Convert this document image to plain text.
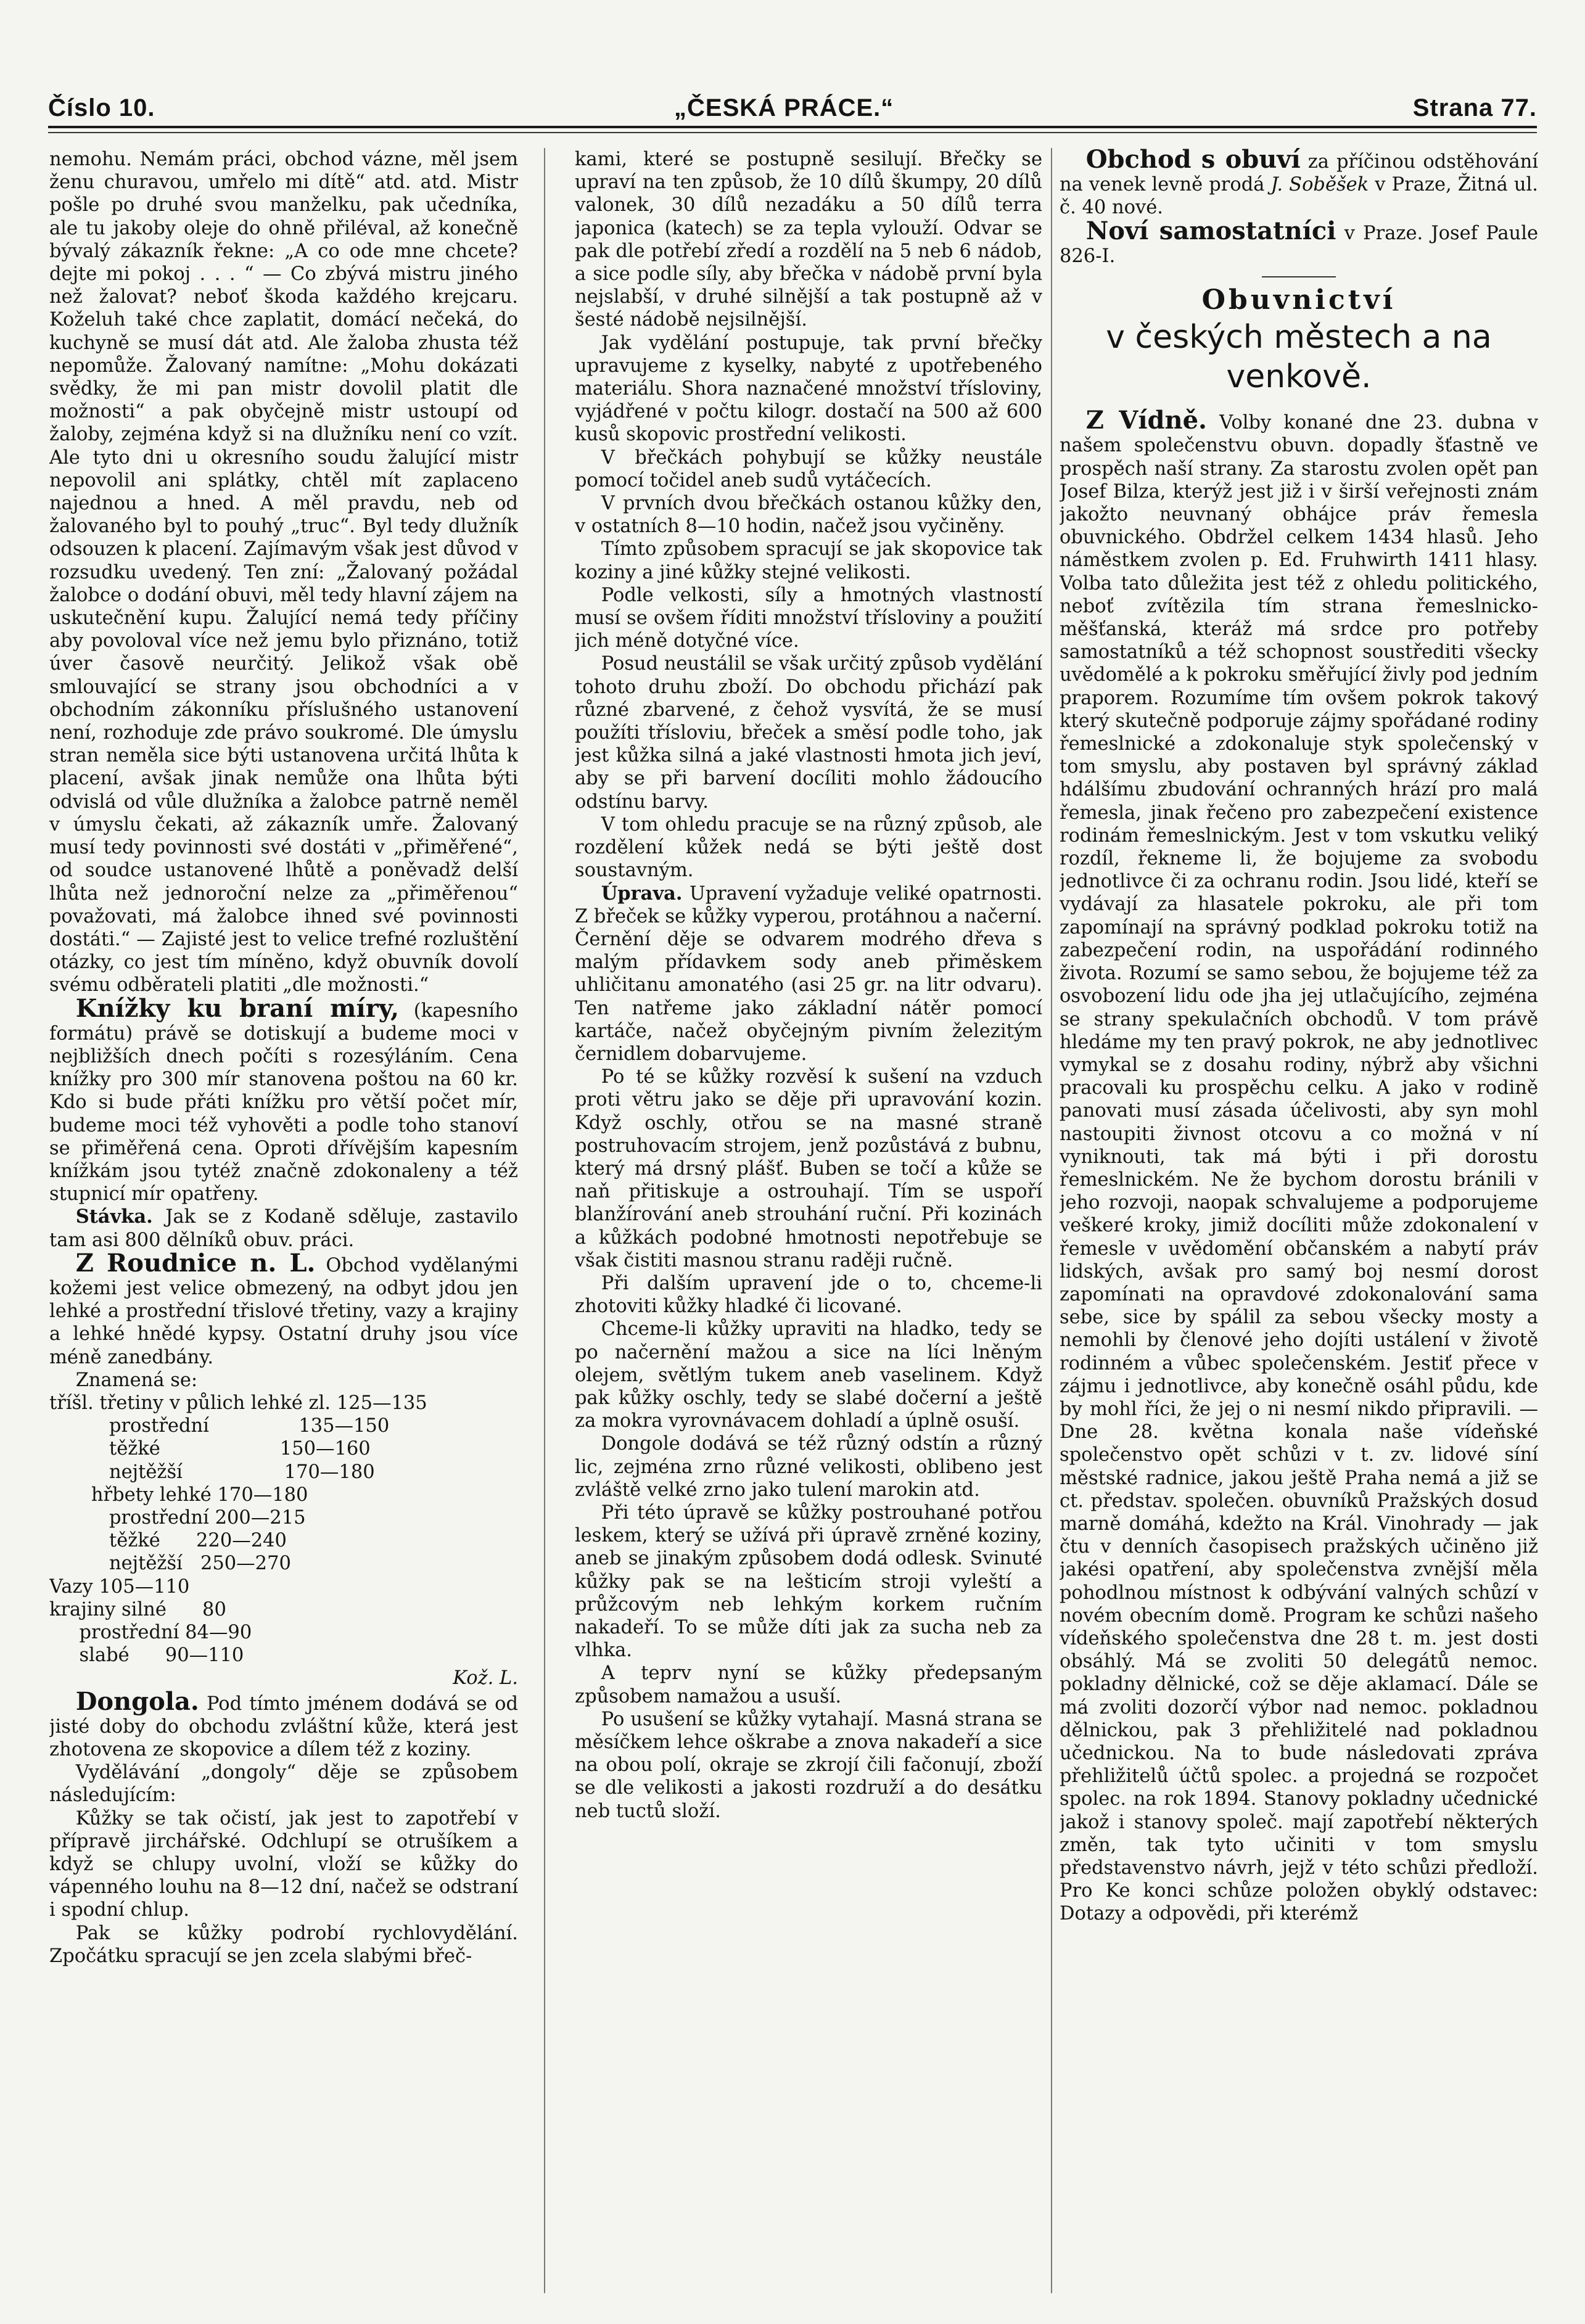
Číslo 10.	„ČESKÁ PRÁCE.“	Strana 77.

nemohu. Nemám práci, obchod vázne, měl jsem ženu churavou, umřelo mi dítě“ atd. atd. Mistr pošle po druhé svou manželku, pak učedníka, ale tu jakoby oleje do ohně přiléval, až konečně bývalý zákazník řekne: „A co ode mne chcete? dejte mi pokoj . . . “ — Co zbývá mistru jiného než žalovat? neboť škoda každého krejcaru. Koželuh také chce zaplatit, domácí nečeká, do kuchyně se musí dát atd. Ale žaloba zhusta též nepomůže. Žalovaný namítne: „Mohu dokázati svědky, že mi pan mistr dovolil platit dle možnosti“ a pak obyčejně mistr ustoupí od žaloby, zejména když si na dlužníku není co vzít. Ale tyto dni u okresního soudu žalující mistr nepovolil ani splátky, chtěl mít zaplaceno najednou a hned. A měl pravdu, neb od žalovaného byl to pouhý „truc“. Byl tedy dlužník odsouzen k placení. Zajímavým však jest důvod v rozsudku uvedený. Ten zní: „Žalovaný požádal žalobce o dodání obuvi, měl tedy hlavní zájem na uskutečnění kupu. Žalující nemá tedy příčiny aby povoloval více než jemu bylo přiznáno, totiž úver časově neurčitý. Jelikož však obě smlouvající se strany jsou obchodníci a v obchodním zákonníku příslušného ustanovení není, rozhoduje zde právo soukromé. Dle úmyslu stran neměla sice býti ustanovena určitá lhůta k placení, avšak jinak nemůže ona lhůta býti odvislá od vůle dlužníka a žalobce patrně neměl v úmyslu čekati, až zákazník umře. Žalovaný musí tedy povinnosti své dostáti v „přiměřené“, od soudce ustanovené lhůtě a poněvadž delší lhůta než jednoroční nelze za „přiměřenou“ považovati, má žalobce ihned své povinnosti dostáti.“ — Zajisté jest to velice trefné rozluštění otázky, co jest tím míněno, když obuvník dovolí svému odběrateli platiti „dle možnosti.“

Knížky ku braní míry, (kapesního formátu) právě se dotiskují a budeme moci v nejbližších dnech počíti s rozesýláním. Cena knížky pro 300 mír stanovena poštou na 60 kr. Kdo si bude přáti knížku pro větší počet mír, budeme moci též vyhověti a podle toho stanoví se přiměřená cena. Oproti dřívějším kapesním knížkám jsou tytéž značně zdokonaleny a též stupnicí mír opatřeny.

Stávka. Jak se z Kodaně sděluje, zastavilo tam asi 800 dělníků obuv. práci.

Z Roudnice n. L. Obchod vydělanými kožemi jest velice obmezený, na odbyt jdou jen lehké a prostřední třislové třetiny, vazy a krajiny a lehké hnědé kypsy. Ostatní druhy jsou více méně zanedbány.

Znamená se:

tříšl. třetiny v půlich lehké zl. 125—135
prostřední               135—150
těžké                    150—160
nejtěžší                 170—180
hřbety lehké 170—180
prostřední 200—215
těžké      220—240
nejtěžší   250—270
Vazy 105—110
krajiny silné      80
prostřední 84—90
slabé      90—110
Kož. L.

Dongola. Pod tímto jménem dodává se od jisté doby do obchodu zvláštní kůže, která jest zhotovena ze skopovice a dílem též z koziny.

Vydělávání „dongoly“ děje se způsobem následujícím:

Kůžky se tak očistí, jak jest to zapotřebí v přípravě jirchářské. Odchlupí se otrušíkem a když se chlupy uvolní, vloží se kůžky do vápenného louhu na 8—12 dní, načež se odstraní i spodní chlup.

Pak se kůžky podrobí rychlovydělání. Zpočátku spracují se jen zcela slabými břeč-

kami, které se postupně sesilují. Břečky se upraví na ten způsob, že 10 dílů škumpy, 20 dílů valonek, 30 dílů nezadáku a 50 dílů terra japonica (katech) se za tepla vylouží. Odvar se pak dle potřebí zředí a rozdělí na 5 neb 6 nádob, a sice podle síly, aby břečka v nádobě první byla nejslabší, v druhé silnější a tak postupně až v šesté nádobě nejsilnější.

Jak vydělání postupuje, tak první břečky upravujeme z kyselky, nabyté z upotřebeného materiálu. Shora naznačené množství třísloviny, vyjádřené v počtu kilogr. dostačí na 500 až 600 kusů skopovic prostřední velikosti.

V břečkách pohybují se kůžky neustále pomocí točidel aneb sudů vytáčecích.

V prvních dvou břečkách ostanou kůžky den, v ostatních 8—10 hodin, načež jsou vyčiněny.

Tímto způsobem spracují se jak skopovice tak koziny a jiné kůžky stejné velikosti.

Podle velkosti, síly a hmotných vlastností musí se ovšem říditi množství třísloviny a použití jich méně dotyčné více.

Posud neustálil se však určitý způsob vydělání tohoto druhu zboží. Do obchodu přichází pak různé zbarvené, z čehož vysvítá, že se musí použíti třísloviu, břeček a směsí podle toho, jak jest kůžka silná a jaké vlastnosti hmota jich jeví, aby se při barvení docíliti mohlo žádoucího odstínu barvy.

V tom ohledu pracuje se na různý způsob, ale rozdělení kůžek nedá se býti ještě dost soustavným.

Úprava. Upravení vyžaduje veliké opatrnosti. Z břeček se kůžky vyperou, protáhnou a načerní. Černění děje se odvarem modrého dřeva s malým přídavkem sody aneb přiměskem uhličitanu amonatého (asi 25 gr. na litr odvaru). Ten natřeme jako základní nátěr pomocí kartáče, načež obyčejným pivním železitým černidlem dobarvujeme.

Po té se kůžky rozvěsí k sušení na vzduch proti větru jako se děje při upravování kozin. Když oschly, otřou se na masné straně postruhovacím strojem, jenž pozůstává z bubnu, který má drsný plášť. Buben se točí a kůže se naň přitiskuje a ostrouhají. Tím se uspoří blanžírování aneb strouhání ruční. Při kozinách a kůžkách podobné hmotnosti nepotřebuje se však čistiti masnou stranu raději ručně.

Při dalším upravení jde o to, chceme-li zhotoviti kůžky hladké či licované.

Chceme-li kůžky upraviti na hladko, tedy se po načernění mažou a sice na líci lněným olejem, světlým tukem aneb vaselinem. Když pak kůžky oschly, tedy se slabé dočerní a ještě za mokra vyrovnávacem dohladí a úplně osuší.

Dongole dodává se též různý odstín a různý lic, zejména zrno různé velikosti, oblibeno jest zvláště velké zrno jako tulení marokin atd.

Při této úpravě se kůžky postrouhané potřou leskem, který se užívá při úpravě zrněné koziny, aneb se jinakým způsobem dodá odlesk. Svinuté kůžky pak se na lešticím stroji vyleští a průžcovým neb lehkým korkem ručním nakadeří. To se může díti jak za sucha neb za vlhka.

A teprv nyní se kůžky předepsaným způsobem namažou a usuší.

Po usušení se kůžky vytahají. Masná strana se měsíčkem lehce oškrabe a znova nakadeří a sice na obou polí, okraje se zkrojí čili fačonují, zboží se dle velikosti a jakosti rozdruží a do desátku neb tuctů složí.

Obchod s obuví za příčinou odstěhování na venek levně prodá J. Soběšek v Praze, Žitná ul. č. 40 nové.

Noví samostatníci v Praze. Josef Paule 826-I.

Obuvnictví
v českých městech a na venkově.

Z Vídně. Volby konané dne 23. dubna v našem společenstvu obuvn. dopadly šťastně ve prospěch naší strany. Za starostu zvolen opět pan Josef Bilza, kterýž jest již i v širší veřejnosti znám jakožto neuvnaný obhájce práv řemesla obuvnického. Obdržel celkem 1434 hlasů. Jeho náměstkem zvolen p. Ed. Fruhwirth 1411 hlasy. Volba tato důležita jest též z ohledu politického, neboť zvítězila tím strana řemeslnicko-měšťanská, kteráž má srdce pro potřeby samostatníků a též schopnost soustřediti všecky uvědomělé a k pokroku směřující živly pod jedním praporem. Rozumíme tím ovšem pokrok takový který skutečně podporuje zájmy spořádané rodiny řemeslnické a zdokonaluje styk společenský v tom smyslu, aby postaven byl správný základ hdálšímu zbudování ochranných hrází pro malá řemesla, jinak řečeno pro zabezpečení existence rodinám řemeslnickým. Jest v tom vskutku veliký rozdíl, řekneme li, že bojujeme za svobodu jednotlivce či za ochranu rodin. Jsou lidé, kteří se vydávají za hlasatele pokroku, ale při tom zapomínají na správný podklad pokroku totiž na zabezpečení rodin, na uspořádání rodinného života. Rozumí se samo sebou, že bojujeme též za osvobození lidu ode jha jej utlačujícího, zejména se strany spekulačních obchodů. V tom právě hledáme my ten pravý pokrok, ne aby jednotlivec vymykal se z dosahu rodiny, nýbrž aby všichni pracovali ku prospěchu celku. A jako v rodině panovati musí zásada účelivosti, aby syn mohl nastoupiti živnost otcovu a co možná v ní vyniknouti, tak má býti i při dorostu řemeslnickém. Ne že bychom dorostu bránili v jeho rozvoji, naopak schvalujeme a podporujeme veškeré kroky, jimiž docíliti může zdokonalení v řemesle v uvědomění občanském a nabytí práv lidských, avšak pro samý boj nesmí dorost zapomínati na opravdové zdokonalování sama sebe, sice by spálil za sebou všecky mosty a nemohli by členové jeho dojíti ustálení v životě rodinném a vůbec společenském. Jestiť přece v zájmu i jednotlivce, aby konečně osáhl půdu, kde by mohl říci, že jej o ni nesmí nikdo připravili. — Dne 28. května konala naše vídeňské společenstvo opět schůzi v t. zv. lidové síní městské radnice, jakou ještě Praha nemá a již se ct. představ. společen. obuvníků Pražských dosud marně domáhá, kdežto na Král. Vinohrady — jak čtu v denních časopisech pražských učiněno již jakési opatření, aby společenstva zvnější měla pohodlnou místnost k odbývání valných schůzí v novém obecním domě. Program ke schůzi našeho vídeňského společenstva dne 28 t. m. jest dosti obsáhlý. Má se zvoliti 50 delegátů nemoc. pokladny dělnické, což se děje aklamací. Dále se má zvoliti dozorčí výbor nad nemoc. pokladnou dělnickou, pak 3 přehližitelé nad pokladnou učednickou. Na to bude následovati zpráva přehližitelů účtů spolec. a projedná se rozpočet spolec. na rok 1894. Stanovy pokladny učednické jakož i stanovy společ. mají zapotřebí některých změn, tak tyto učiniti v tom smyslu představenstvo návrh, jejž v této schůzi předloží. Pro Ke konci schůze položen obyklý odstavec: Dotazy a odpovědi, při kterémž
